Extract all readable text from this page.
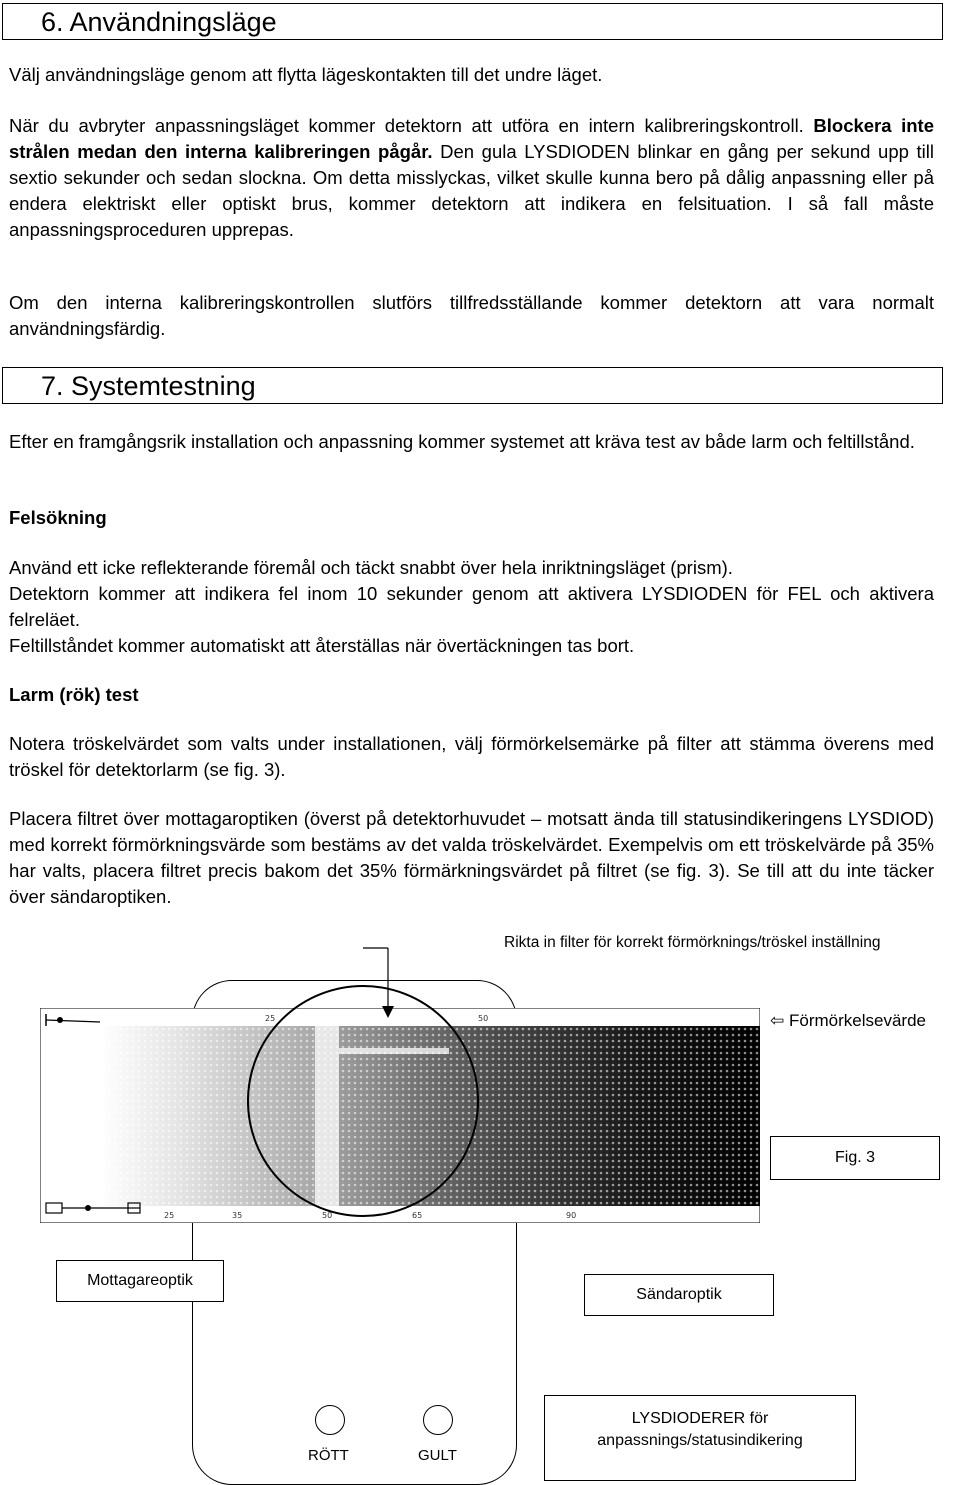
6. Användningsläge

Välj användningsläge genom att flytta lägeskontakten till det undre läget.

När du avbryter anpassningsläget kommer detektorn att utföra en intern kalibreringskontroll. Blockera inte strålen medan den interna kalibreringen pågår. Den gula LYSDIODEN blinkar en gång per sekund upp till sextio sekunder och sedan slockna. Om detta misslyckas, vilket skulle kunna bero på dålig anpassning eller på endera elektriskt eller optiskt brus, kommer detektorn att indikera en felsituation. I så fall måste anpassningsproceduren upprepas.

Om den interna kalibreringskontrollen slutförs tillfredsställande kommer detektorn att vara normalt användningsfärdig.

7. Systemtestning

Efter en framgångsrik installation och anpassning kommer systemet att kräva test av både larm och feltillstånd.

Felsökning

Använd ett icke reflekterande föremål och täckt snabbt över hela inriktningsläget (prism).

Detektorn kommer att indikera fel inom 10 sekunder genom att aktivera LYSDIODEN för FEL och aktivera felreläet.

Feltillståndet kommer automatiskt att återställas när övertäckningen tas bort.

Larm (rök) test

Notera tröskelvärdet som valts under installationen, välj förmörkelsemärke på filter att stämma överens med tröskel för detektorlarm (se fig. 3).

Placera filtret över mottagaroptiken (överst på detektorhuvudet – motsatt ända till statusindikeringens LYSDIOD) med korrekt förmörkningsvärde som bestäms av det valda tröskelvärdet. Exempelvis om ett tröskelvärde på 35% har valts, placera filtret precis bakom det 35% förmärkningsvärdet på filtret (se fig. 3). Se till att du inte täcker över sändaroptiken.

25	50	0209-02
25	35	50	65	90
Rikta in filter för korrekt förmörknings/tröskel inställning
⇦ Förmörkelsevärde
Fig. 3
Mottagareoptik
Sändaroptik
LYSDIODERER för anpassnings/statusindikering
RÖTT	GULT
